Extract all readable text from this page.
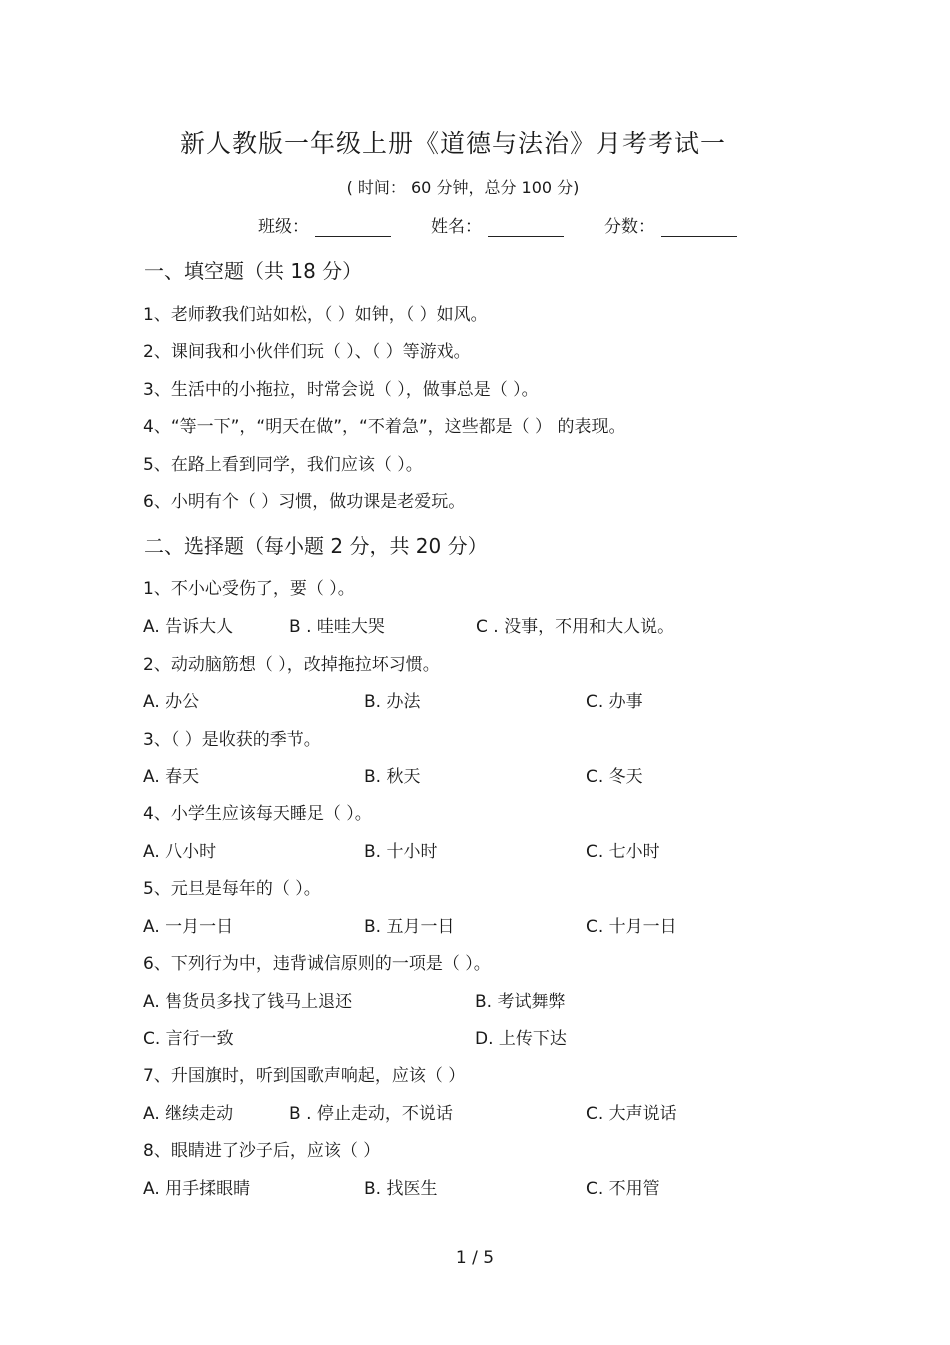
新人教版一年级上册《道德与法治》月考考试一
( 时间： 60 分钟，总分 100 分)
班级：	姓名：	分数：
一、填空题（共 18 分）
1、老师教我们站如松，（ ）如钟，（ ）如风。
2、课间我和小伙伴们玩（ ）、（ ）等游戏。
3、生活中的小拖拉，时常会说（ ），做事总是（ ）。
4、“等一下”，“明天在做”，“不着急”，这些都是（ ） 的表现。
5、在路上看到同学，我们应该（ ）。
6、小明有个（ ）习惯，做功课是老爱玩。
二、选择题（每小题 2 分，共 20 分）
1、不小心受伤了，要（ ）。
A. 告诉大人	B . 哇哇大哭	C . 没事，不用和大人说。
2、动动脑筋想（ ），改掉拖拉坏习惯。
A. 办公	B. 办法	C. 办事
3、（ ）是收获的季节。
A. 春天	B. 秋天	C. 冬天
4、小学生应该每天睡足（ ）。
A. 八小时	B. 十小时	C. 七小时
5、元旦是每年的（ ）。
A. 一月一日	B. 五月一日	C. 十月一日
6、下列行为中，违背诚信原则的一项是（ ）。
A. 售货员多找了钱马上退还	B. 考试舞弊
C. 言行一致	D. 上传下达
7、升国旗时，听到国歌声响起，应该（ ）
A. 继续走动	B . 停止走动，不说话	C. 大声说话
8、眼睛进了沙子后，应该（ ）
A. 用手揉眼睛	B. 找医生	C. 不用管
1 / 5
